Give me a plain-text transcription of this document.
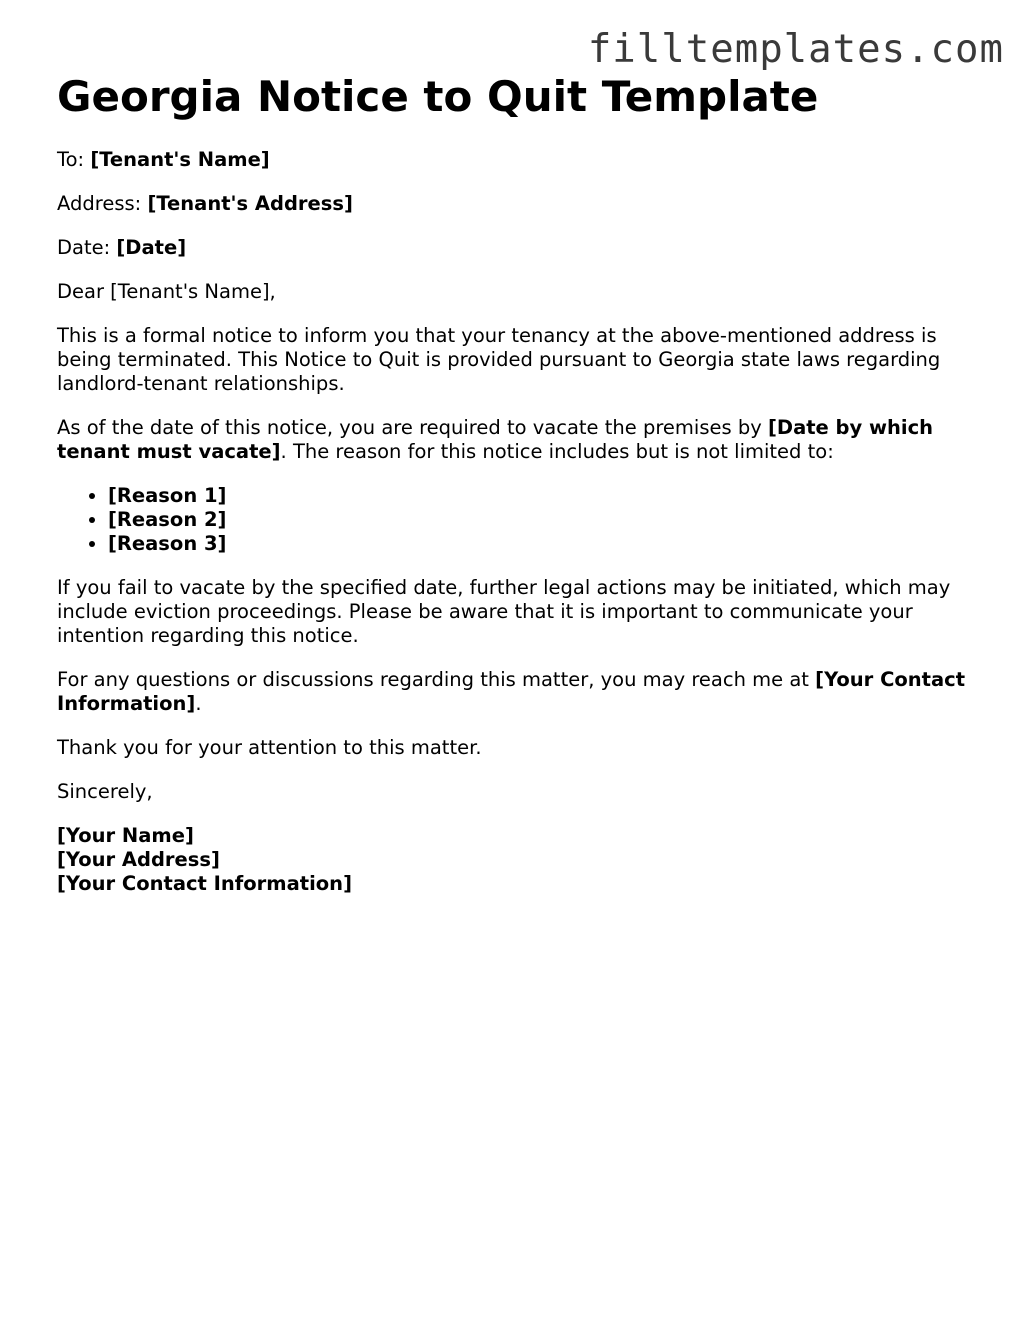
filltemplates.com
Georgia Notice to Quit Template

To: [Tenant's Name]

Address: [Tenant's Address]

Date: [Date]

Dear [Tenant's Name],

This is a formal notice to inform you that your tenancy at the above-mentioned address is being terminated. This Notice to Quit is provided pursuant to Georgia state laws regarding landlord-tenant relationships.

As of the date of this notice, you are required to vacate the premises by [Date by which tenant must vacate]. The reason for this notice includes but is not limited to:

• [Reason 1]
• [Reason 2]
• [Reason 3]

If you fail to vacate by the specified date, further legal actions may be initiated, which may include eviction proceedings. Please be aware that it is important to communicate your intention regarding this notice.

For any questions or discussions regarding this matter, you may reach me at [Your Contact Information].

Thank you for your attention to this matter.

Sincerely,

[Your Name]
[Your Address]
[Your Contact Information]
